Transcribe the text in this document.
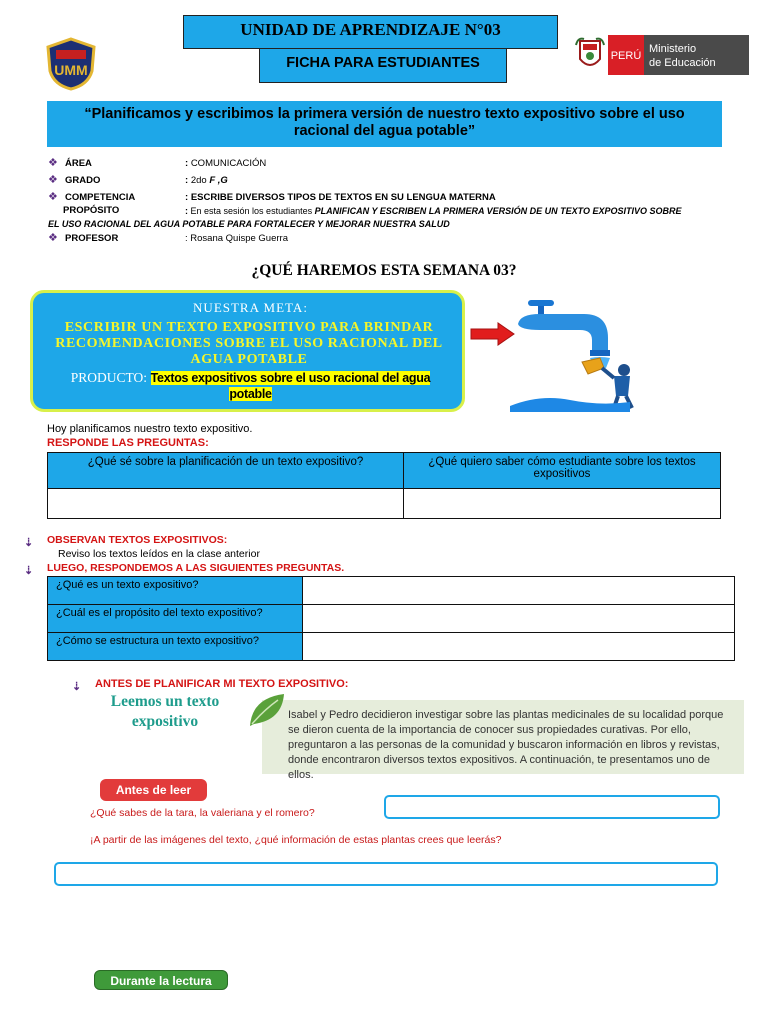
UMM
UNIDAD DE APRENDIZAJE N°03
FICHA PARA ESTUDIANTES	PERÚ
Ministerio
de Educación
“Planificamos y escribimos la primera versión de nuestro texto expositivo sobre el uso racional del agua potable”
❖ ÁREA	: COMUNICACIÓN
❖ GRADO	: 2do F ,G
❖ COMPETENCIA	: ESCRIBE DIVERSOS TIPOS DE TEXTOS EN SU LENGUA MATERNA
PROPÓSITO	: En esta sesión los estudiantes PLANIFICAN Y ESCRIBEN LA PRIMERA VERSIÓN DE UN TEXTO EXPOSITIVO SOBRE
EL USO RACIONAL DEL AGUA POTABLE PARA FORTALECER Y MEJORAR NUESTRA SALUD
❖ PROFESOR	: Rosana Quispe Guerra
¿QUÉ HAREMOS ESTA SEMANA 03?
NUESTRA META:
ESCRIBIR UN TEXTO EXPOSITIVO PARA BRINDAR RECOMENDACIONES SOBRE EL USO RACIONAL DEL AGUA POTABLE
PRODUCTO: Textos expositivos sobre el uso racional del agua potable
Hoy planificamos nuestro texto expositivo.
RESPONDE LAS PREGUNTAS:
¿Qué sé sobre la planificación de un texto expositivo?	¿Qué quiero saber cómo estudiante sobre los textos expositivos

⇣ OBSERVAN TEXTOS EXPOSITIVOS:
Reviso los textos leídos en la clase anterior
⇣ LUEGO, RESPONDEMOS A LAS SIGUIENTES PREGUNTAS.
¿Qué es un texto expositivo?	
¿Cuál es el propósito del texto expositivo?	
¿Cómo se estructura un texto expositivo?	
⇣ ANTES DE PLANIFICAR MI TEXTO EXPOSITIVO:
Leemos un texto expositivo	Isabel y Pedro decidieron investigar sobre las plantas medicinales de su localidad porque se dieron cuenta de la importancia de conocer sus propiedades curativas. Por ello, preguntaron a las personas de la comunidad y buscaron información en libros y revistas, donde encontraron diversos textos expositivos. A continuación, te presentamos uno de ellos.
Antes de leer
¿Qué sabes de la tara, la valeriana y el romero?
¡A partir de las imágenes del texto, ¿qué información de estas plantas crees que leerás?
Durante la lectura
